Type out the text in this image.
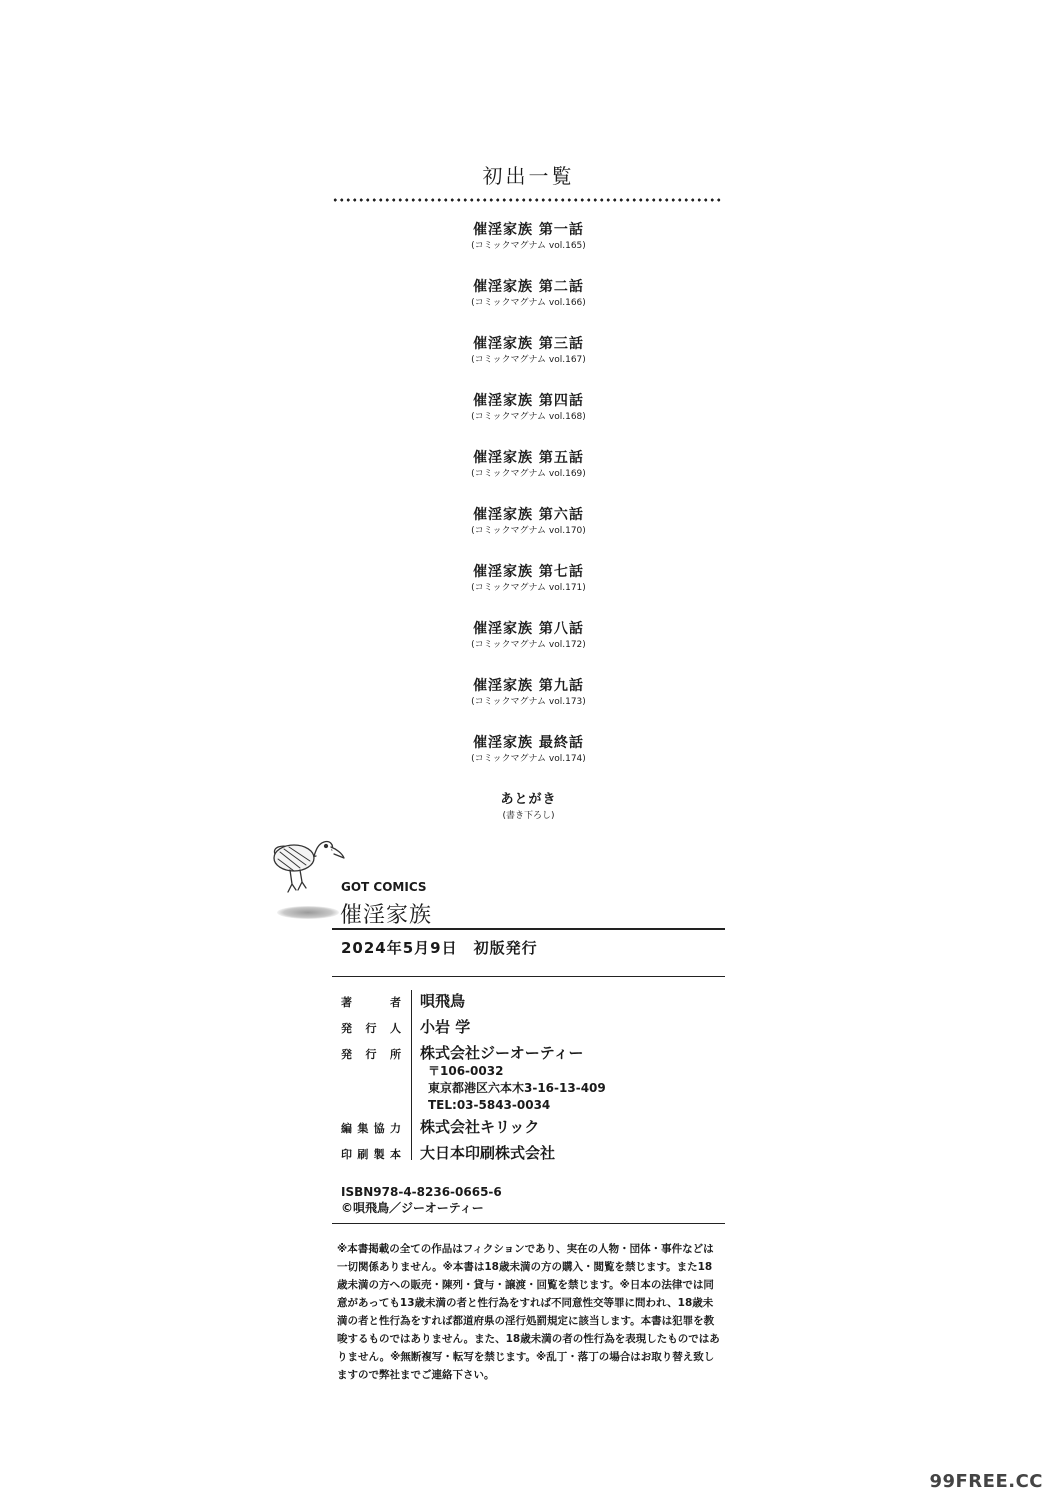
初出一覧
催淫家族 第一話
(コミックマグナム vol.165)
催淫家族 第二話
(コミックマグナム vol.166)
催淫家族 第三話
(コミックマグナム vol.167)
催淫家族 第四話
(コミックマグナム vol.168)
催淫家族 第五話
(コミックマグナム vol.169)
催淫家族 第六話
(コミックマグナム vol.170)
催淫家族 第七話
(コミックマグナム vol.171)
催淫家族 第八話
(コミックマグナム vol.172)
催淫家族 第九話
(コミックマグナム vol.173)
催淫家族 最終話
(コミックマグナム vol.174)
あとがき
(書き下ろし)
GOT COMICS
催淫家族
2024年5月9日　初版発行
著者 唄飛鳥
発行人 小岩 学
発行所 株式会社ジーオーティー
〒106-0032
東京都港区六本木3-16-13-409
TEL:03-5843-0034
編集協力 株式会社キリック
印刷製本 大日本印刷株式会社
ISBN978-4-8236-0665-6
©唄飛鳥／ジーオーティー
※本書掲載の全ての作品はフィクションであり、実在の人物・団体・事件などは一切関係ありません。※本書は18歳未満の方の購入・閲覧を禁じます。また18歳未満の方への販売・陳列・貸与・譲渡・回覧を禁じます。※日本の法律では同意があっても13歳未満の者と性行為をすれば不同意性交等罪に問われ、18歳未満の者と性行為をすれば都道府県の淫行処罰規定に該当します。本書は犯罪を教唆するものではありません。また、18歳未満の者の性行為を表現したものではありません。※無断複写・転写を禁じます。※乱丁・落丁の場合はお取り替え致しますので弊社までご連絡下さい。
99FREE.CC
